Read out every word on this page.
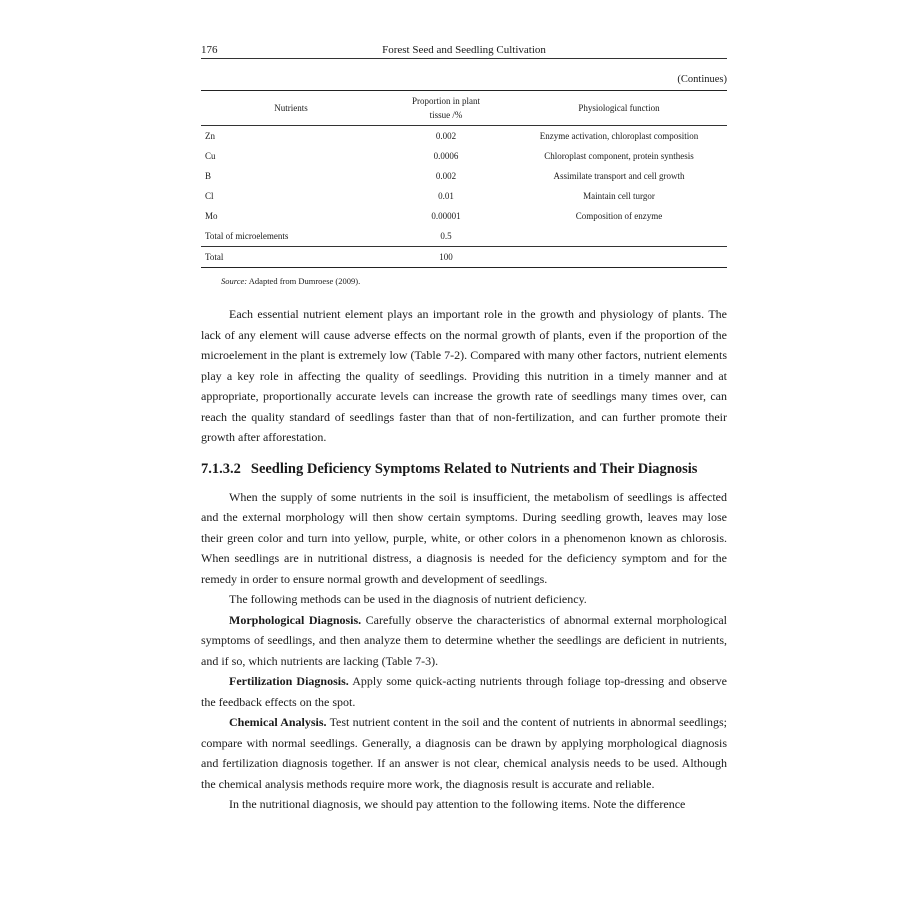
176	Forest Seed and Seedling Cultivation
(Continues)
Nutrients	Proportion in plant tissue /%	Physiological function
Zn	0.002	Enzyme activation, chloroplast composition
Cu	0.0006	Chloroplast component, protein synthesis
B	0.002	Assimilate transport and cell growth
Cl	0.01	Maintain cell turgor
Mo	0.00001	Composition of enzyme
Total of microelements	0.5	
Total	100	
Source: Adapted from Dumroese (2009).

Each essential nutrient element plays an important role in the growth and physiology of plants. The lack of any element will cause adverse effects on the normal growth of plants, even if the proportion of the microelement in the plant is extremely low (Table 7-2). Compared with many other factors, nutrient elements play a key role in affecting the quality of seedlings. Providing this nutrition in a timely manner and at appropriate, proportionally accurate levels can increase the growth rate of seedlings many times over, can reach the quality standard of seedlings faster than that of non-fertilization, and can further promote their growth after afforestation.

7.1.3.2 Seedling Deficiency Symptoms Related to Nutrients and Their Diagnosis

When the supply of some nutrients in the soil is insufficient, the metabolism of seedlings is affected and the external morphology will then show certain symptoms. During seedling growth, leaves may lose their green color and turn into yellow, purple, white, or other colors in a phenomenon known as chlorosis. When seedlings are in nutritional distress, a diagnosis is needed for the deficiency symptom and for the remedy in order to ensure normal growth and development of seedlings.

The following methods can be used in the diagnosis of nutrient deficiency.

Morphological Diagnosis. Carefully observe the characteristics of abnormal external morphological symptoms of seedlings, and then analyze them to determine whether the seedlings are deficient in nutrients, and if so, which nutrients are lacking (Table 7-3).

Fertilization Diagnosis. Apply some quick-acting nutrients through foliage top-dressing and observe the feedback effects on the spot.

Chemical Analysis. Test nutrient content in the soil and the content of nutrients in abnormal seedlings; compare with normal seedlings. Generally, a diagnosis can be drawn by applying morphological diagnosis and fertilization diagnosis together. If an answer is not clear, chemical analysis needs to be used. Although the chemical analysis methods require more work, the diagnosis result is accurate and reliable.

In the nutritional diagnosis, we should pay attention to the following items. Note the difference
